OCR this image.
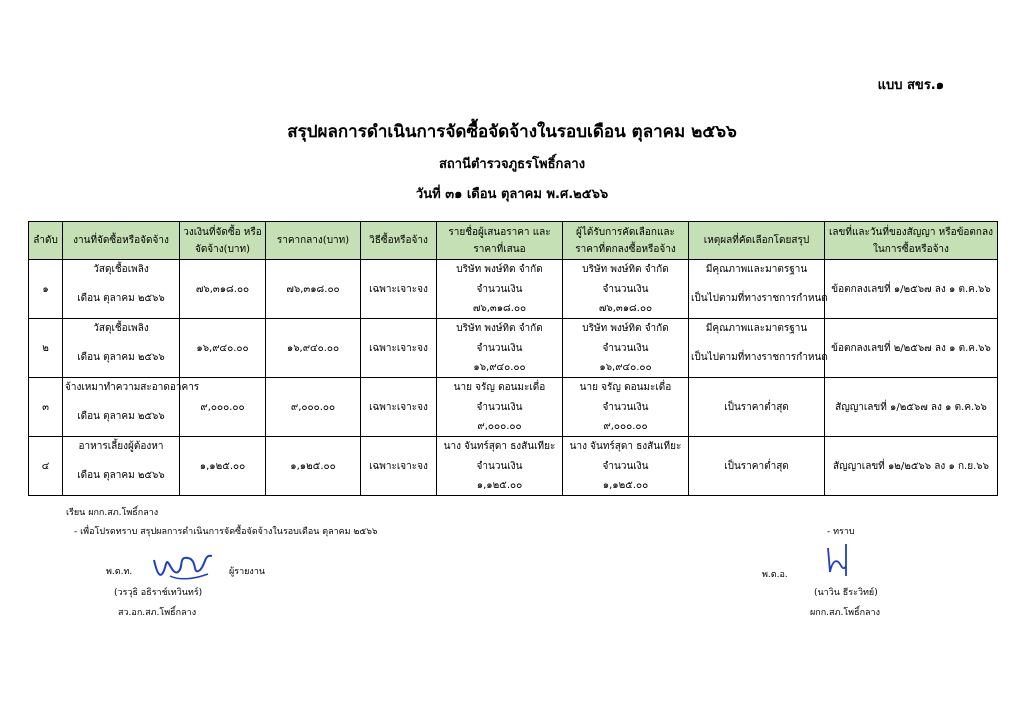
แบบ สขร.๑
สรุปผลการดำเนินการจัดซื้อจัดจ้างในรอบเดือน ตุลาคม ๒๕๖๖
สถานีตำรวจภูธรโพธิ์กลาง
วันที่ ๓๑ เดือน ตุลาคม พ.ศ.๒๕๖๖
ลำดับ	งานที่จัดซื้อหรือจัดจ้าง	วงเงินที่จัดซื้อ หรือจัดจ้าง(บาท)	ราคากลาง(บาท)	วิธีซื้อหรือจ้าง	รายชื่อผู้เสนอราคา และราคาที่เสนอ	ผู้ได้รับการคัดเลือกและ ราคาที่ตกลงซื้อหรือจ้าง	เหตุผลที่คัดเลือกโดยสรุป	เลขที่และวันที่ของสัญญา หรือข้อตกลงในการซื้อหรือจ้าง
๑	วัสดุเชื้อเพลิง
เดือน ตุลาคม ๒๕๖๖	๗๖,๓๑๘.๐๐	๗๖,๓๑๘.๐๐	เฉพาะเจาะจง	บริษัท พงษ์ทิต จำกัด
จำนวนเงิน
๗๖,๓๑๘.๐๐	บริษัท พงษ์ทิต จำกัด
จำนวนเงิน
๗๖,๓๑๘.๐๐	มีคุณภาพและมาตรฐาน
เป็นไปตามที่ทางราชการกำหนด	ข้อตกลงเลขที่ ๑/๒๕๖๗ ลง ๑ ต.ค.๖๖
๒	วัสดุเชื้อเพลิง
เดือน ตุลาคม ๒๕๖๖	๑๖,๙๔๐.๐๐	๑๖,๙๔๐.๐๐	เฉพาะเจาะจง	บริษัท พงษ์ทิต จำกัด
จำนวนเงิน
๑๖,๙๔๐.๐๐	บริษัท พงษ์ทิต จำกัด
จำนวนเงิน
๑๖,๙๔๐.๐๐	มีคุณภาพและมาตรฐาน
เป็นไปตามที่ทางราชการกำหนด	ข้อตกลงเลขที่ ๒/๒๕๖๗ ลง ๑ ต.ค.๖๖
๓	จ้างเหมาทำความสะอาดอาคาร
เดือน ตุลาคม ๒๕๖๖	๙,๐๐๐.๐๐	๙,๐๐๐.๐๐	เฉพาะเจาะจง	นาย จรัญ ดอนมะเดื่อ
จำนวนเงิน
๙,๐๐๐.๐๐	นาย จรัญ ดอนมะเดื่อ
จำนวนเงิน
๙,๐๐๐.๐๐	เป็นราคาต่ำสุด	สัญญาเลขที่ ๑/๒๕๖๗ ลง ๑ ต.ค.๖๖
๔	อาหารเลี้ยงผู้ต้องหา
เดือน ตุลาคม ๒๕๖๖	๑,๑๒๕.๐๐	๑,๑๒๕.๐๐	เฉพาะเจาะจง	นาง จันทร์สุดา ธงสันเทียะ
จำนวนเงิน
๑,๑๒๕.๐๐	นาง จันทร์สุดา ธงสันเทียะ
จำนวนเงิน
๑,๑๒๕.๐๐	เป็นราคาต่ำสุด	สัญญาเลขที่ ๑๒/๒๕๖๖ ลง ๑ ก.ย.๖๖
เรียน ผกก.สภ.โพธิ์กลาง
- เพื่อโปรดทราบ สรุปผลการดำเนินการจัดซื้อจัดจ้างในรอบเดือน ตุลาคม ๒๕๖๖	- ทราบ
พ.ต.ท.	ผู้รายงาน
(วรวุธิ อธิราช์เทวินทร์)
สว.อก.สภ.โพธิ์กลาง
พ.ต.อ.
(นาวิน ธีระวิทย์)
ผกก.สภ.โพธิ์กลาง
